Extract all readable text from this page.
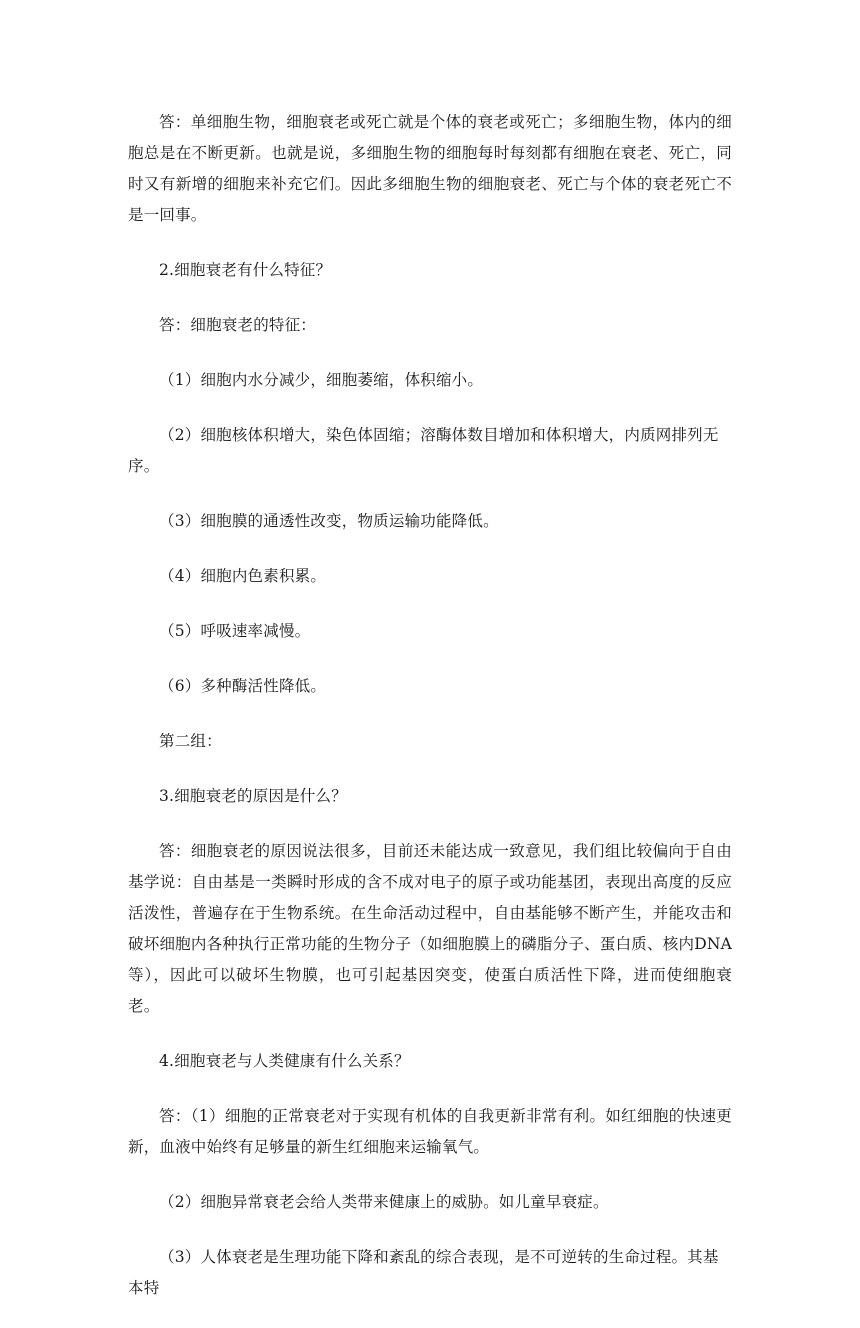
答：单细胞生物，细胞衰老或死亡就是个体的衰老或死亡；多细胞生物，体内的细胞总是在不断更新。也就是说，多细胞生物的细胞每时每刻都有细胞在衰老、死亡，同时又有新增的细胞来补充它们。因此多细胞生物的细胞衰老、死亡与个体的衰老死亡不是一回事。

2.细胞衰老有什么特征？

答：细胞衰老的特征：

（1）细胞内水分减少，细胞萎缩，体积缩小。

（2）细胞核体积增大，染色体固缩；溶酶体数目增加和体积增大，内质网排列无序。

（3）细胞膜的通透性改变，物质运输功能降低。

（4）细胞内色素积累。

（5）呼吸速率减慢。

（6）多种酶活性降低。

第二组：

3.细胞衰老的原因是什么？

答：细胞衰老的原因说法很多，目前还未能达成一致意见，我们组比较偏向于自由基学说：自由基是一类瞬时形成的含不成对电子的原子或功能基团，表现出高度的反应活泼性，普遍存在于生物系统。在生命活动过程中，自由基能够不断产生，并能攻击和破坏细胞内各种执行正常功能的生物分子（如细胞膜上的磷脂分子、蛋白质、核内DNA等），因此可以破坏生物膜，也可引起基因突变，使蛋白质活性下降，进而使细胞衰老。

4.细胞衰老与人类健康有什么关系？

答：（1）细胞的正常衰老对于实现有机体的自我更新非常有利。如红细胞的快速更新，血液中始终有足够量的新生红细胞来运输氧气。

（2）细胞异常衰老会给人类带来健康上的威胁。如儿童早衰症。

（3）人体衰老是生理功能下降和紊乱的综合表现，是不可逆转的生命过程。其基本特
